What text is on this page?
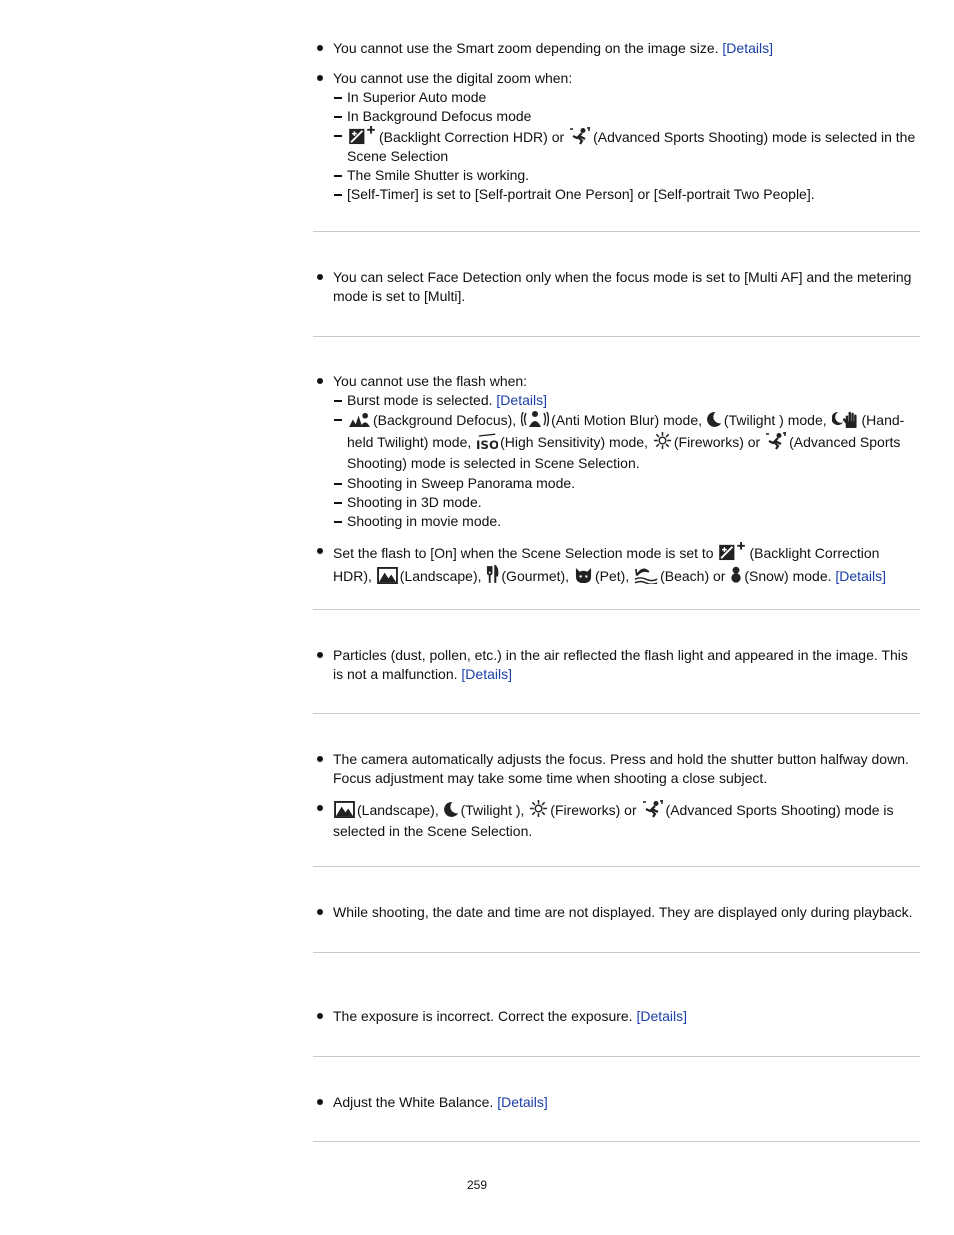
You cannot use the Smart zoom depending on the image size. [Details]
You cannot use the digital zoom when:
In Superior Auto mode
In Background Defocus mode
(Backlight Correction HDR) or (Advanced Sports Shooting) mode is selected in the Scene Selection
The Smile Shutter is working.
[Self-Timer] is set to [Self-portrait One Person] or [Self-portrait Two People].
You can select Face Detection only when the focus mode is set to [Multi AF] and the metering mode is set to [Multi].
You cannot use the flash when:
Burst mode is selected. [Details]
(Background Defocus), (Anti Motion Blur) mode, (Twilight ) mode, (Hand-held Twilight) mode, (High Sensitivity) mode, (Fireworks) or (Advanced Sports Shooting) mode is selected in Scene Selection.
Shooting in Sweep Panorama mode.
Shooting in 3D mode.
Shooting in movie mode.
Set the flash to [On] when the Scene Selection mode is set to	(Backlight Correction HDR), (Landscape), (Gourmet), (Pet), (Beach) or (Snow) mode. [Details]
Particles (dust, pollen, etc.) in the air reflected the flash light and appeared in the image. This is not a malfunction. [Details]
The camera automatically adjusts the focus. Press and hold the shutter button halfway down. Focus adjustment may take some time when shooting a close subject.
(Landscape), (Twilight ), (Fireworks) or (Advanced Sports Shooting) mode is selected in the Scene Selection.
While shooting, the date and time are not displayed. They are displayed only during playback.
The exposure is incorrect. Correct the exposure. [Details]
Adjust the White Balance. [Details]
259
